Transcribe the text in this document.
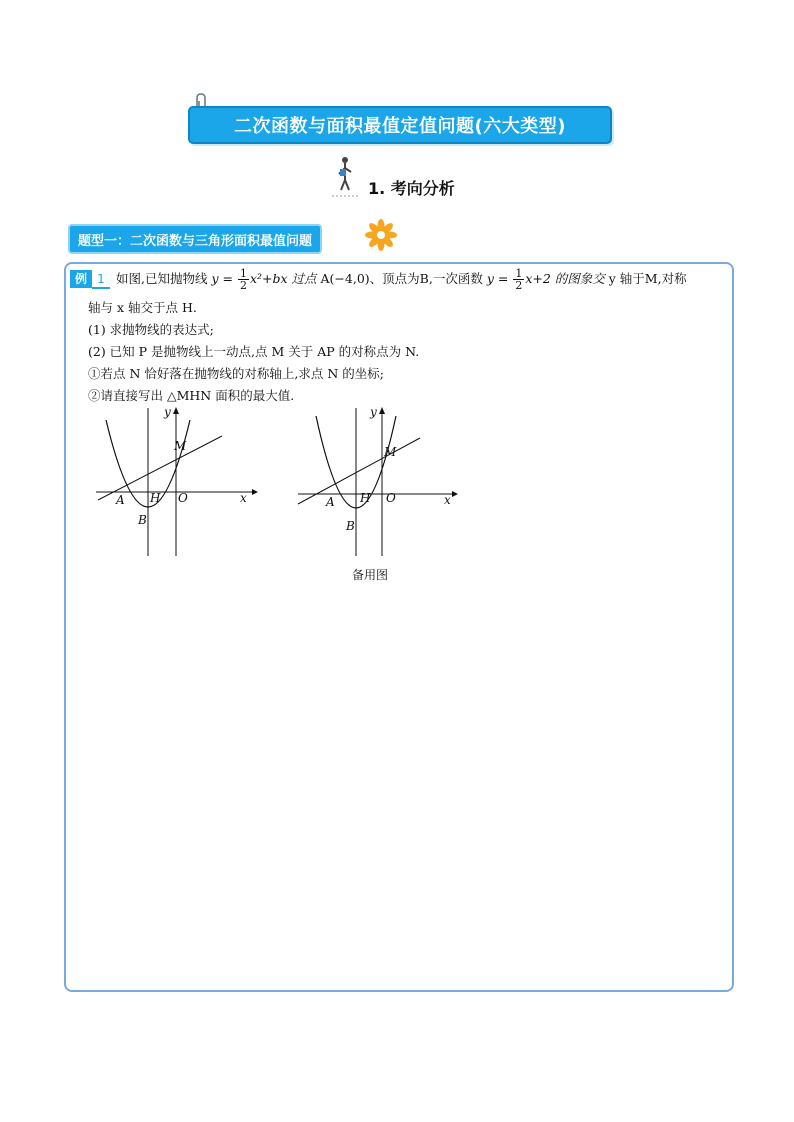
二次函数与面积最值定值问题(六大类型)
1. 考向分析
题型一：二次函数与三角形面积最值问题
例 1 如图,已知抛物线 $y = \frac{1}{2} x^2+bx$ 过点 A(−4,0)、顶点为B,一次函数 $y = \frac{1}{2} x+2$ 的图象交 y 轴于M,对称
轴与 x 轴交于点 H.
(1) 求抛物线的表达式;
(2) 已知 P 是抛物线上一动点,点 M 关于 AP 的对称点为 N.
①若点 N 恰好落在抛物线的对称轴上,求点 N 的坐标;
②请直接写出 △MHN 面积的最大值.
y
x
M
A H O
B
y
x
M
A H O
B
备用图
